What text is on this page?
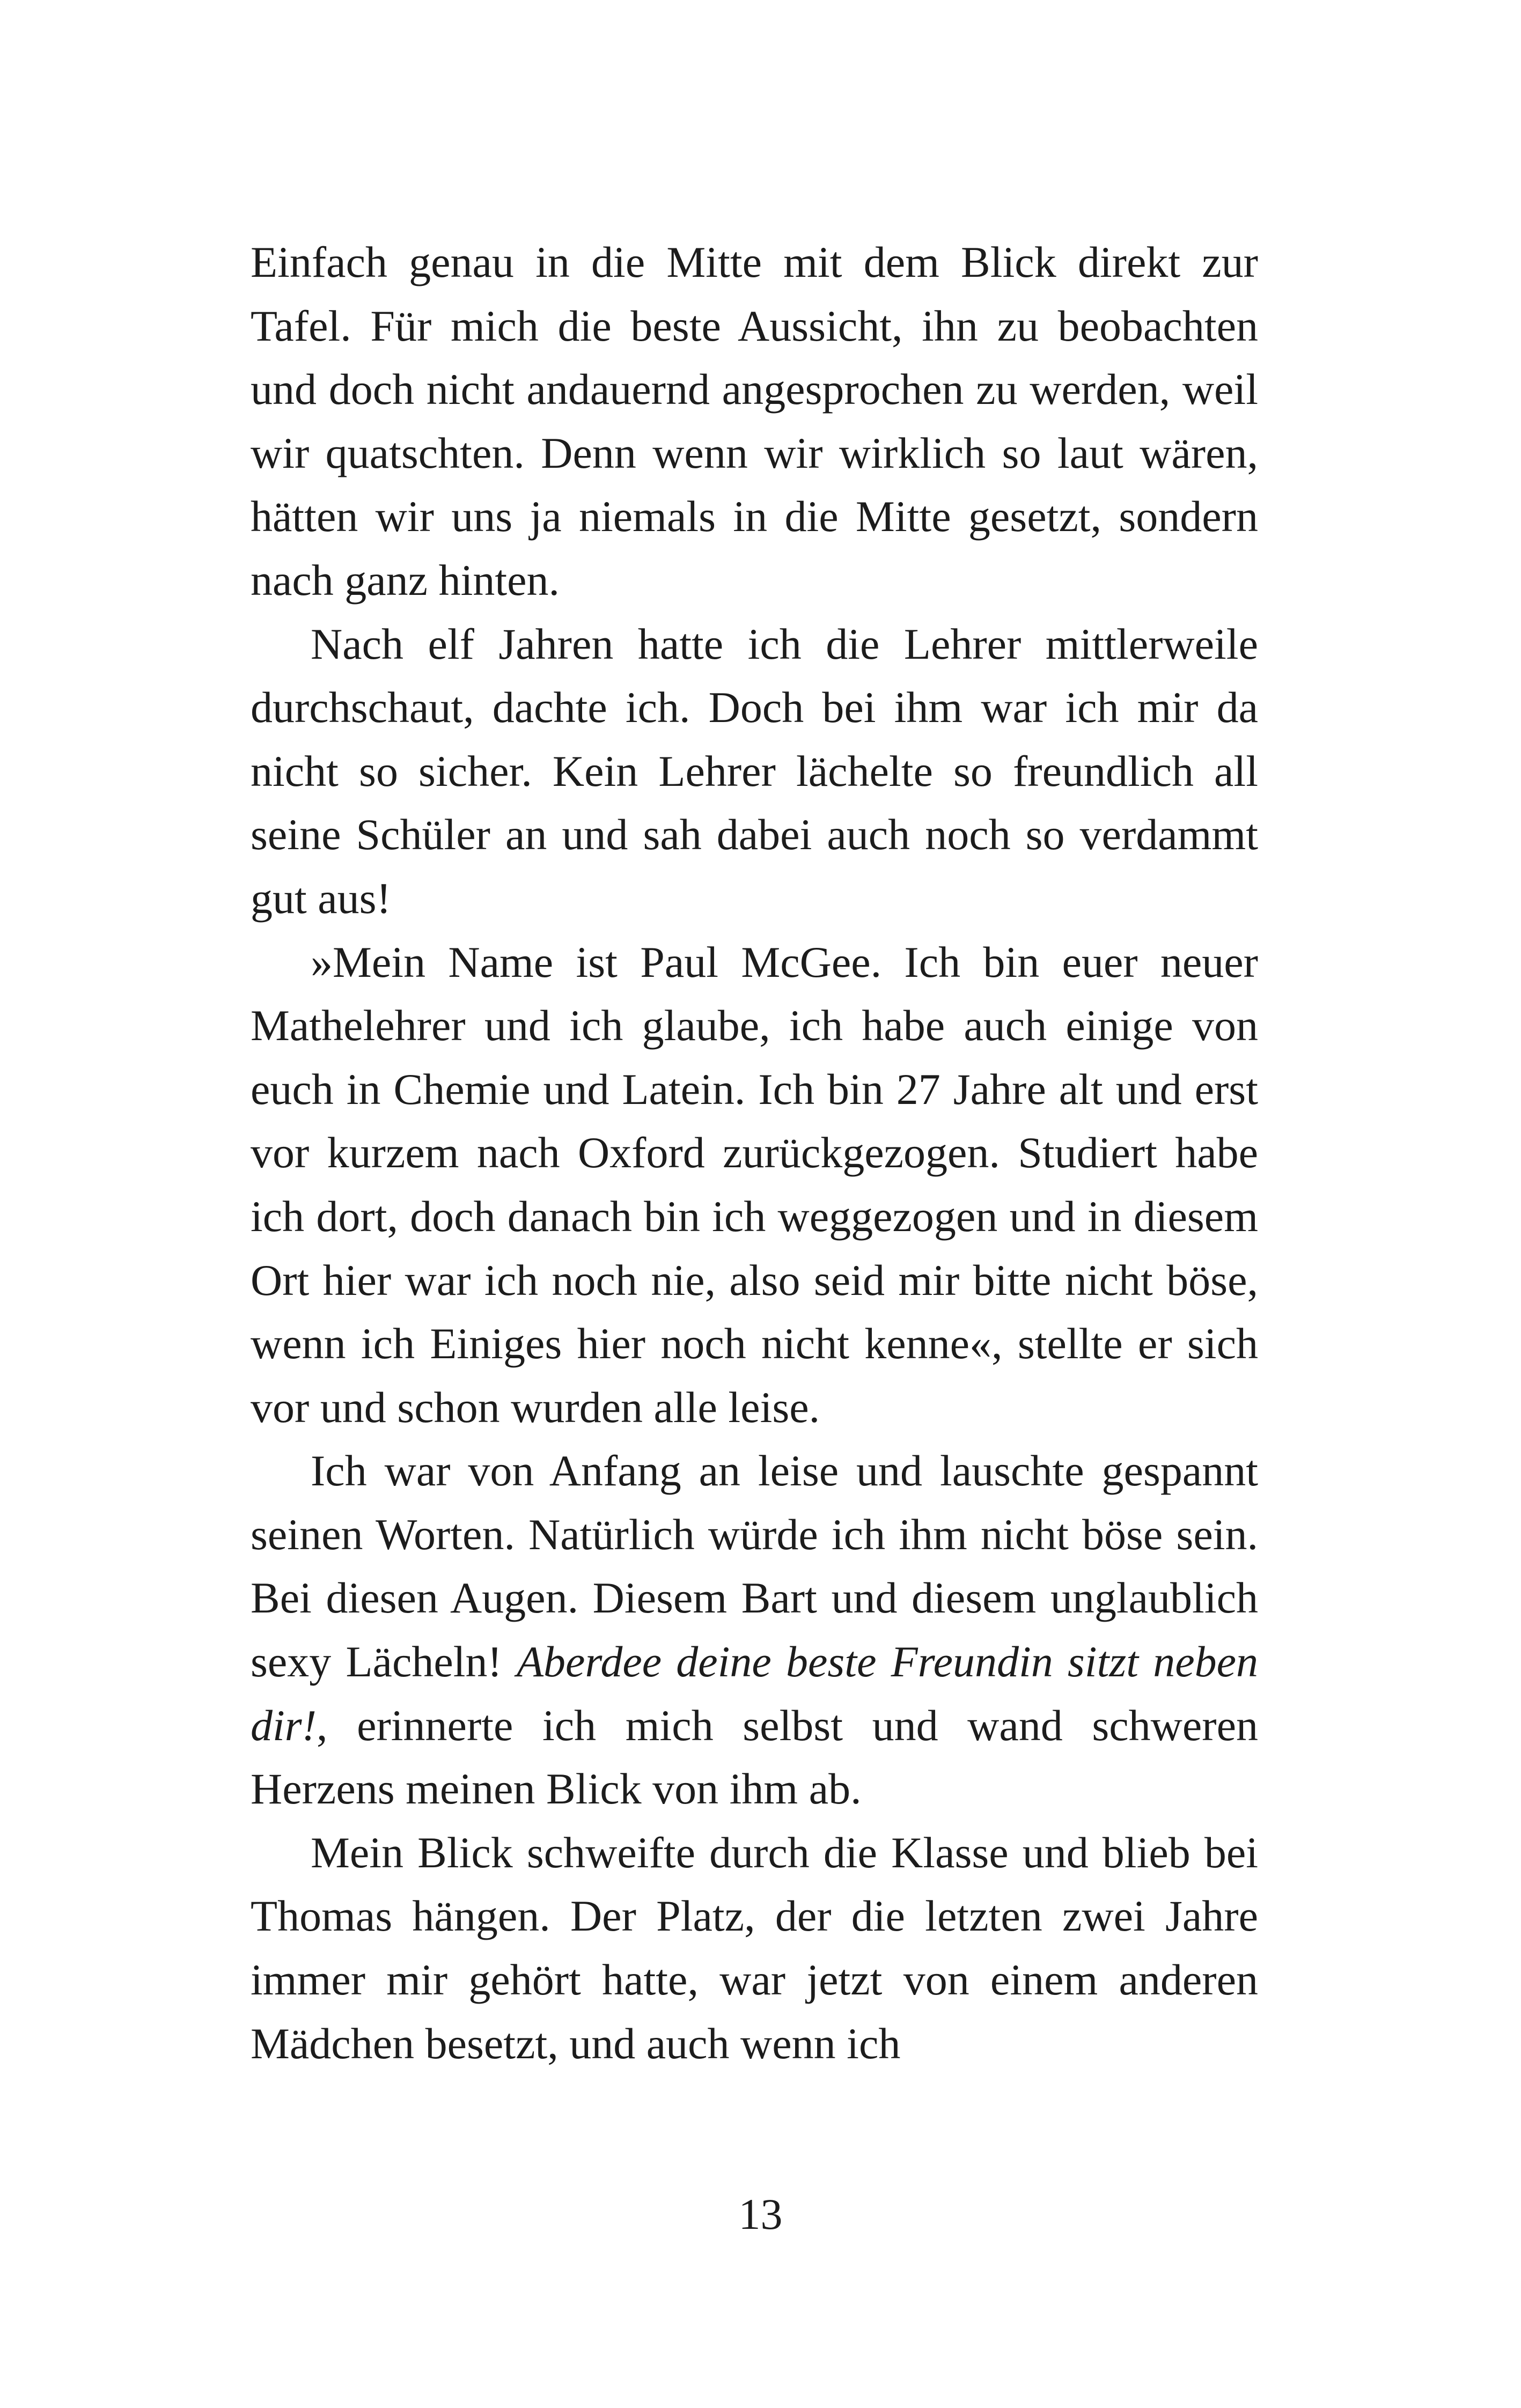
Einfach genau in die Mitte mit dem Blick direkt zur Tafel. Für mich die beste Aussicht, ihn zu beobachten und doch nicht andauernd angesprochen zu werden, weil wir quatschten. Denn wenn wir wirklich so laut wären, hätten wir uns ja niemals in die Mitte gesetzt, sondern nach ganz hinten.

Nach elf Jahren hatte ich die Lehrer mittlerweile durchschaut, dachte ich. Doch bei ihm war ich mir da nicht so sicher. Kein Lehrer lächelte so freundlich all seine Schüler an und sah dabei auch noch so verdammt gut aus!

»Mein Name ist Paul McGee. Ich bin euer neuer Mathelehrer und ich glaube, ich habe auch einige von euch in Chemie und Latein. Ich bin 27 Jahre alt und erst vor kurzem nach Oxford zurückgezogen. Studiert habe ich dort, doch danach bin ich weggezogen und in diesem Ort hier war ich noch nie, also seid mir bitte nicht böse, wenn ich Einiges hier noch nicht kenne«, stellte er sich vor und schon wurden alle leise.

Ich war von Anfang an leise und lauschte gespannt seinen Worten. Natürlich würde ich ihm nicht böse sein. Bei diesen Augen. Diesem Bart und diesem unglaublich sexy Lächeln! Aberdee deine beste Freundin sitzt neben dir!, erinnerte ich mich selbst und wand schweren Herzens meinen Blick von ihm ab.

Mein Blick schweifte durch die Klasse und blieb bei Thomas hängen. Der Platz, der die letzten zwei Jahre immer mir gehört hatte, war jetzt von einem anderen Mädchen besetzt, und auch wenn ich

13
